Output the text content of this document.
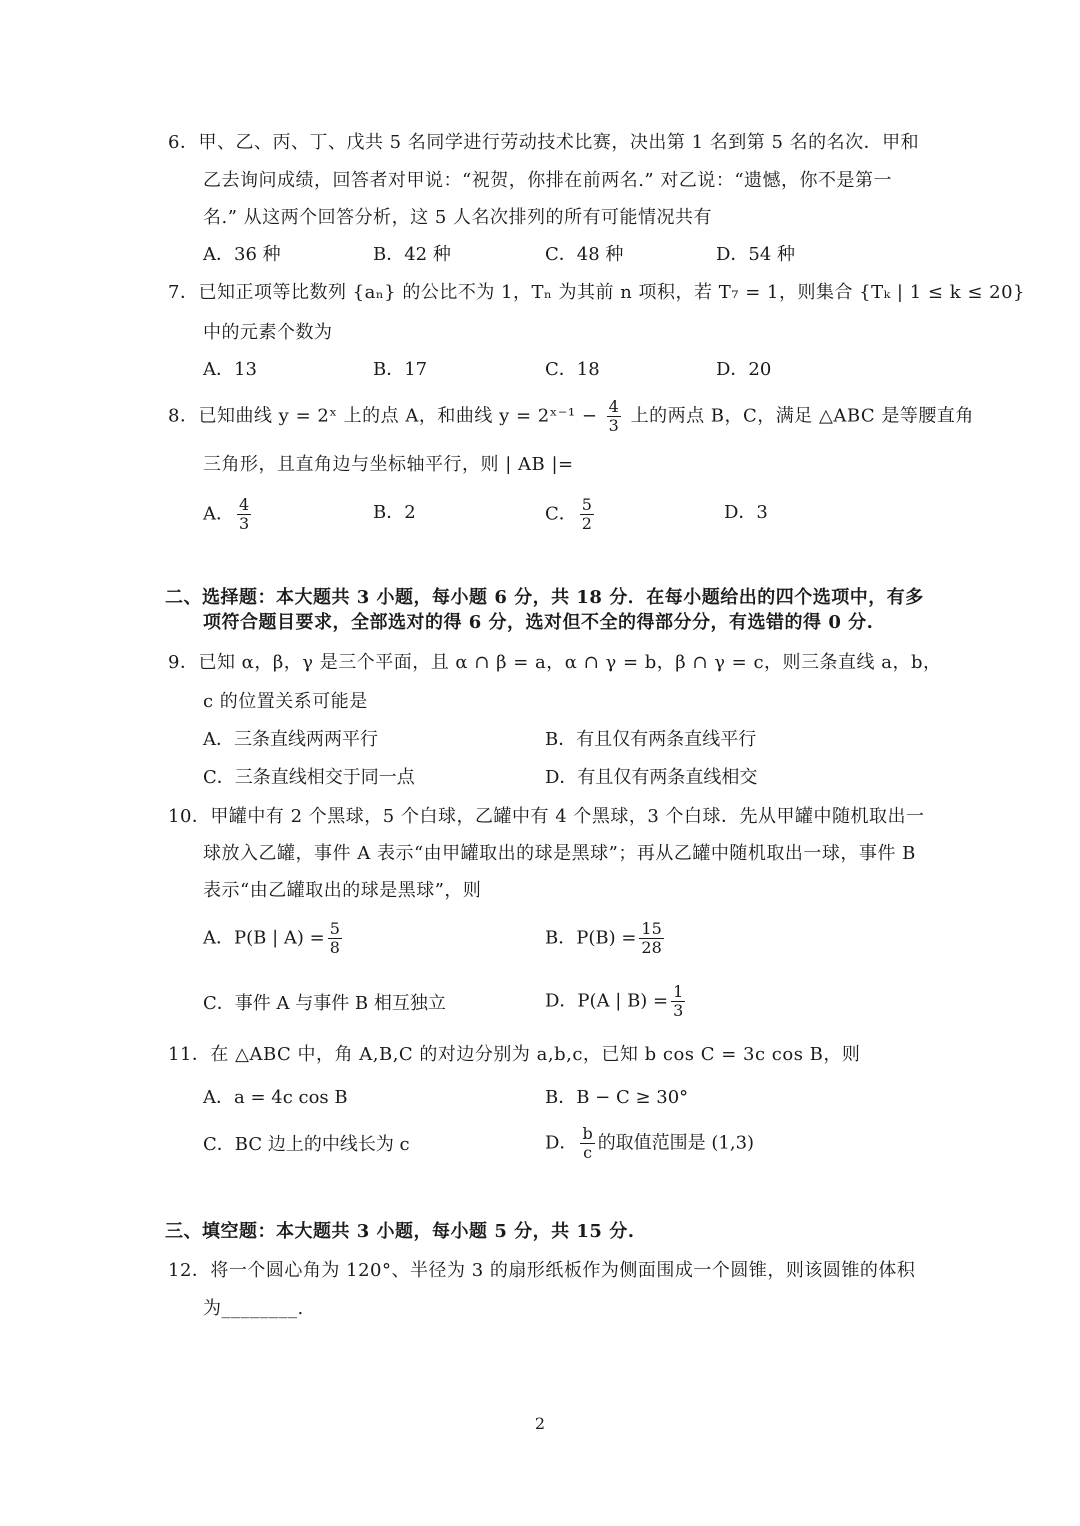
6．甲、乙、丙、丁、戊共 5 名同学进行劳动技术比赛，决出第 1 名到第 5 名的名次．甲和
乙去询问成绩，回答者对甲说：“祝贺，你排在前两名.” 对乙说：“遗憾，你不是第一
名.” 从这两个回答分析，这 5 人名次排列的所有可能情况共有
A．36 种	B．42 种	C．48 种	D．54 种
7．已知正项等比数列 {aₙ} 的公比不为 1，Tₙ 为其前 n 项积，若 T₇ = 1，则集合 {Tₖ | 1 ≤ k ≤ 20}
中的元素个数为
A．13	B．17	C．18	D．20
8．已知曲线 y = 2ˣ 上的点 A，和曲线 y = 2ˣ⁻¹ − $\frac{4}{3}$ 上的两点 B，C，满足 △ABC 是等腰直角
三角形，且直角边与坐标轴平行，则 | AB |=
A． $\frac{4}{3}$	B．2	C． $\frac{5}{2}$	D．3
二、选择题：本大题共 3 小题，每小题 6 分，共 18 分．在每小题给出的四个选项中，有多
项符合题目要求，全部选对的得 6 分，选对但不全的得部分分，有选错的得 0 分.
9．已知 α，β，γ 是三个平面，且 α ∩ β = a，α ∩ γ = b，β ∩ γ = c，则三条直线 a，b，
c 的位置关系可能是
A．三条直线两两平行	B．有且仅有两条直线平行
C．三条直线相交于同一点	D．有且仅有两条直线相交
10．甲罐中有 2 个黑球，5 个白球，乙罐中有 4 个黑球，3 个白球．先从甲罐中随机取出一
球放入乙罐，事件 A 表示“由甲罐取出的球是黑球”；再从乙罐中随机取出一球，事件 B
表示“由乙罐取出的球是黑球”，则
A．P(B | $A) = \frac{5}{8}$	B．$P(B) = \frac{15}{28}$
C．事件 A 与事件 B 相互独立	D．P(A | $B) = \frac{1}{3}$
11．在 △ABC 中，角 A,B,C 的对边分别为 a,b,c，已知 b cos C = 3c cos B，则
A．a = 4c cos B	B．B − C ≥ 30°
C．BC 边上的中线长为 c	D． $\frac{b}{c}$ 的取值范围是 (1,3)
三、填空题：本大题共 3 小题，每小题 5 分，共 15 分.
12．将一个圆心角为 120°、半径为 3 的扇形纸板作为侧面围成一个圆锥，则该圆锥的体积
为________.
2
